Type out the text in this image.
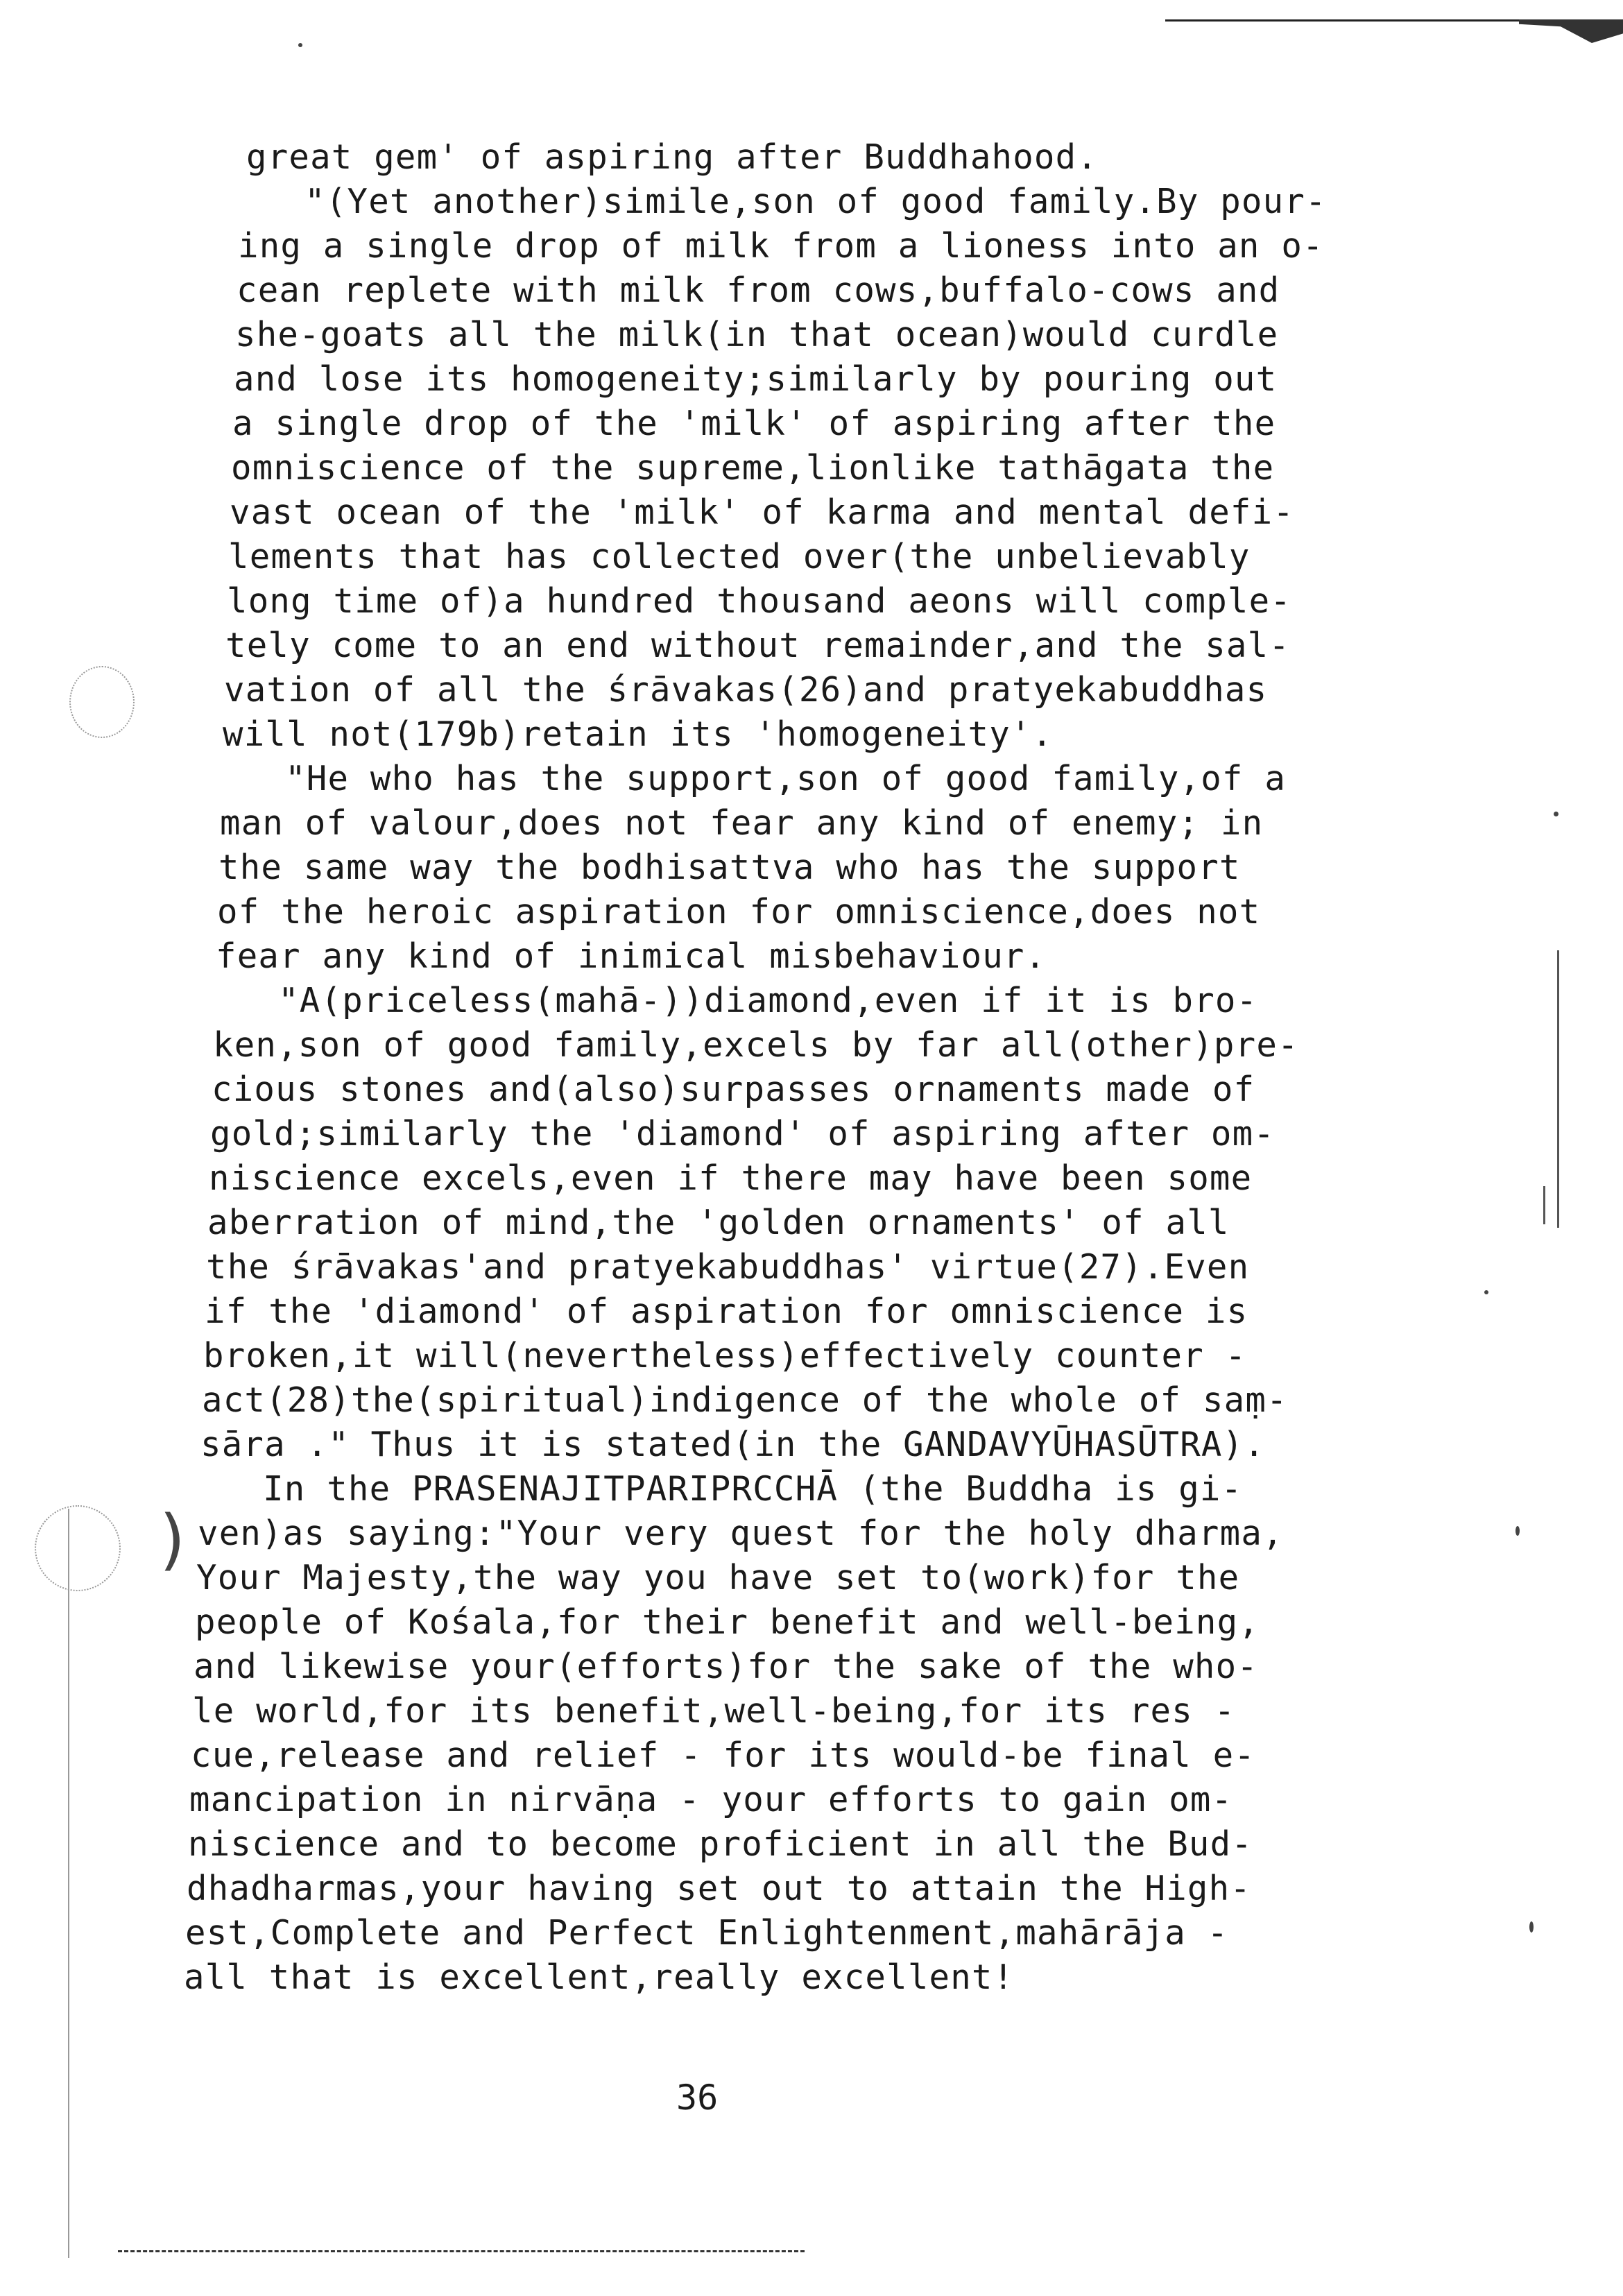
)
great gem' of aspiring after Buddhahood.
"(Yet another)simile,son of good family.By pour-
ing a single drop of milk from a lioness into an o-
cean replete with milk from cows,buffalo-cows and
she-goats all the milk(in that ocean)would curdle
and lose its homogeneity;similarly by pouring out
a single drop of the 'milk' of aspiring after the
omniscience of the supreme,lionlike tathāgata the
vast ocean of the 'milk' of karma and mental defi-
lements that has collected over(the unbelievably
long time of)a hundred thousand aeons will comple-
tely come to an end without remainder,and the sal-
vation of all the śrāvakas(26)and pratyekabuddhas
will not(179b)retain its 'homogeneity'.
"He who has the support,son of good family,of a
man of valour,does not fear any kind of enemy; in
the same way the bodhisattva who has the support
of the heroic aspiration for omniscience,does not
fear any kind of inimical misbehaviour.
"A(priceless(mahā-))diamond,even if it is bro-
ken,son of good family,excels by far all(other)pre-
cious stones and(also)surpasses ornaments made of
gold;similarly the 'diamond' of aspiring after om-
niscience excels,even if there may have been some
aberration of mind,the 'golden ornaments' of all
the śrāvakas'and pratyekabuddhas' virtue(27).Even
if the 'diamond' of aspiration for omniscience is
broken,it will(nevertheless)effectively counter -
act(28)the(spiritual)indigence of the whole of saṃ-
sāra ." Thus it is stated(in the GANDAVYŪHASŪTRA).
In the PRASENAJITPARIPRCCHĀ (the Buddha is gi-
ven)as saying:"Your very quest for the holy dharma,
Your Majesty,the way you have set to(work)for the
people of Kośala,for their benefit and well-being,
and likewise your(efforts)for the sake of the who-
le world,for its benefit,well-being,for its res -
cue,release and relief - for its would-be final e-
mancipation in nirvāṇa - your efforts to gain om-
niscience and to become proficient in all the Bud-
dhadharmas,your having set out to attain the High-
est,Complete and Perfect Enlightenment,mahārāja -
all that is excellent,really excellent!
36
